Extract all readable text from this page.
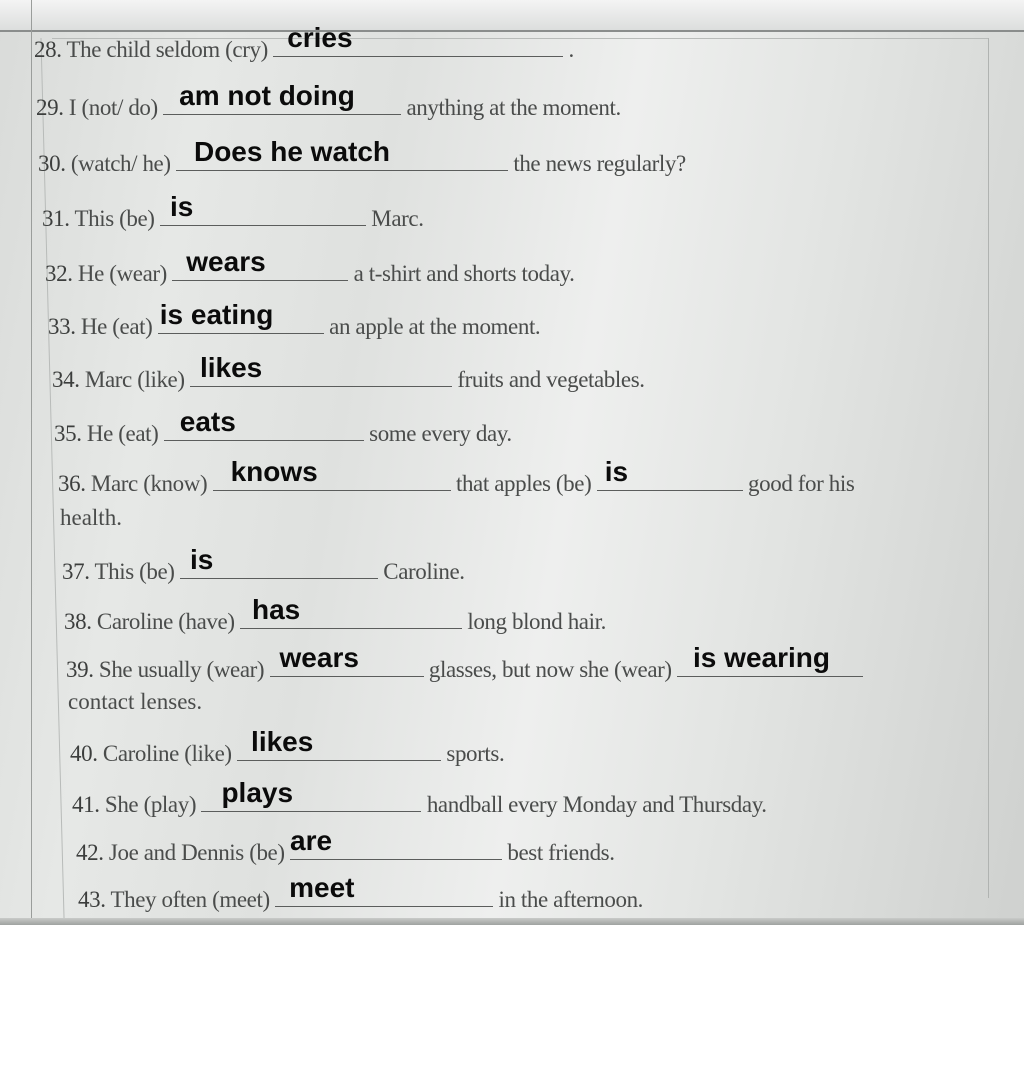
28. The child seldom (cry) cries	.
29. I (not/ do) am not doing anything at the moment.
30. (watch/ he) Does he watch	the news regularly?
31. This (be) is	Marc.
32. He (wear) wears	a t-shirt and shorts today.
33. He (eat) is eating an apple at the moment.
34. Marc (like) likes	fruits and vegetables.
35. He (eat) eats	some every day.
36. Marc (know) knows	that apples (be) is	good for his
health.
37. This (be) is	Caroline.
38. Caroline (have) has	long blond hair.
39. She usually (wear) wears	glasses, but now she (wear) is wearing
contact lenses.
40. Caroline (like) likes	sports.
41. She (play) plays	handball every Monday and Thursday.
42. Joe and Dennis (be) are	best friends.
43. They often (meet) meet	in the afternoon.
